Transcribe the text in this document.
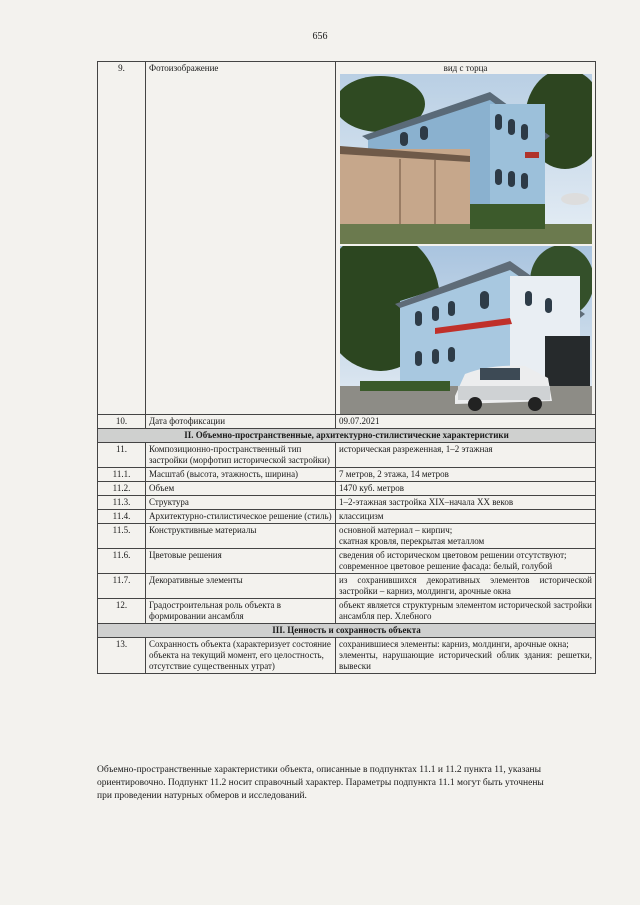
656
9.	Фотоизображение	вид с торца

10.	Дата фотофиксации	09.07.2021
II. Объемно-пространственные, архитектурно-стилистические характеристики		
11.	Композиционно-пространственный тип застройки (морфотип исторической застройки)	историческая разреженная, 1–2 этажная
11.1.	Масштаб (высота, этажность, ширина)	7 метров, 2 этажа, 14 метров
11.2.	Объем	1470 куб. метров
11.3.	Структура	1–2-этажная застройка XIX–начала XX веков
11.4.	Архитектурно-стилистическое решение (стиль)	классицизм
11.5.	Конструктивные материалы	основной материал – кирпич;
скатная кровля, перекрытая металлом

11.6.	Цветовые решения	сведения об историческом цветовом решении отсутствуют;
современное цветовое решение фасада: белый, голубой

11.7.	Декоративные элементы	из сохранившихся декоративных элементов исторической застройки – карниз, молдинги, арочные окна
12.	Градостроительная роль объекта в формировании ансамбля	объект является структурным элементом исторической застройки ансамбля пер. Хлебного
III. Ценность и сохранность объекта		
13.	Сохранность объекта (характеризует состояние объекта на текущий момент, его целостность, отсутствие существенных утрат)	сохранившиеся элементы: карниз, молдинги, арочные окна;
элементы, нарушающие исторический облик здания: решетки, вывески
Объемно-пространственные характеристики объекта, описанные в подпунктах 11.1 и 11.2 пункта 11, указаны
ориентировочно. Подпункт 11.2 носит справочный характер. Параметры подпункта 11.1 могут быть уточнены
при проведении натурных обмеров и исследований.
